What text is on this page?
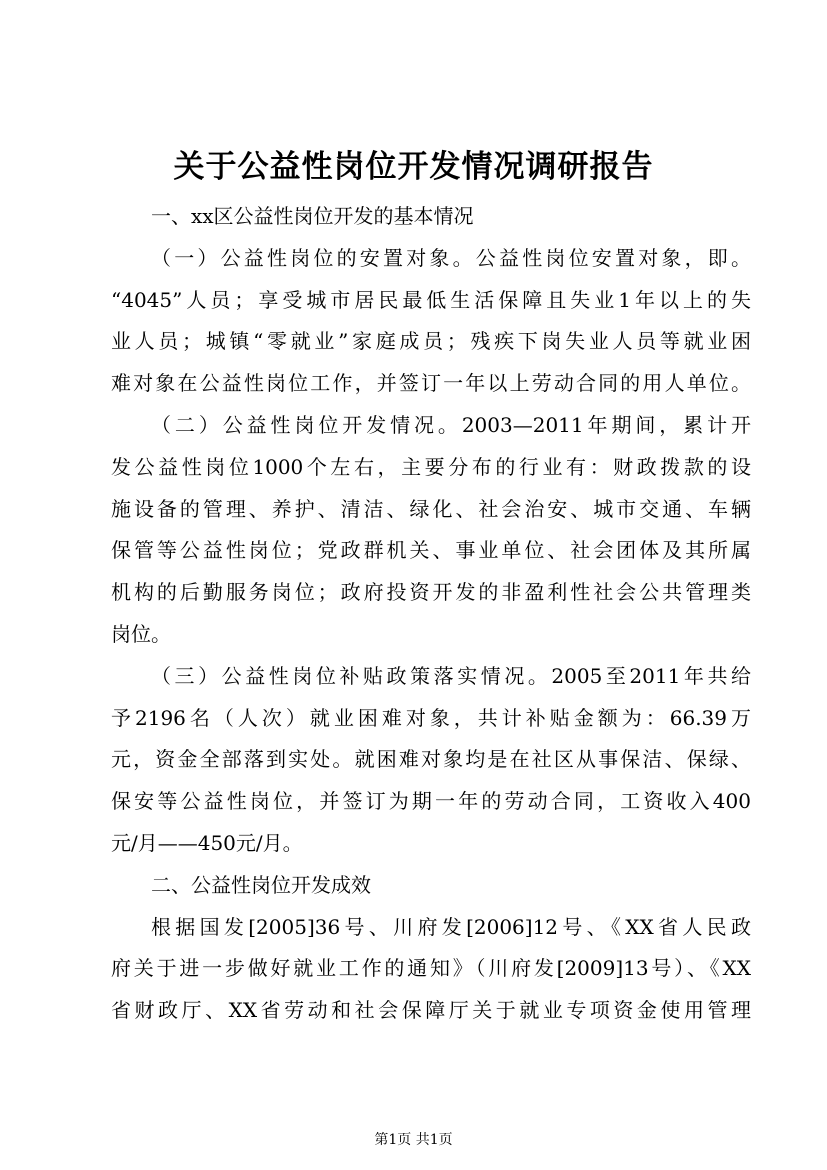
关于公益性岗位开发情况调研报告
一、xx区公益性岗位开发的基本情况
（一）公益性岗位的安置对象。公益性岗位安置对象，即。
“4045”人员；享受城市居民最低生活保障且失业1年以上的失
业人员；城镇“零就业”家庭成员；残疾下岗失业人员等就业困
难对象在公益性岗位工作，并签订一年以上劳动合同的用人单位。
（二）公益性岗位开发情况。2003—2011年期间，累计开
发公益性岗位1000个左右，主要分布的行业有：财政拨款的设
施设备的管理、养护、清洁、绿化、社会治安、城市交通、车辆
保管等公益性岗位；党政群机关、事业单位、社会团体及其所属
机构的后勤服务岗位；政府投资开发的非盈利性社会公共管理类
岗位。
（三）公益性岗位补贴政策落实情况。2005至2011年共给
予2196名（人次）就业困难对象，共计补贴金额为：66.39万
元，资金全部落到实处。就困难对象均是在社区从事保洁、保绿、
保安等公益性岗位，并签订为期一年的劳动合同，工资收入400
元/月——450元/月。
二、公益性岗位开发成效
根据国发[2005]36号、川府发[2006]12号、《XX省人民政
府关于进一步做好就业工作的通知》（川府发[2009]13号）、《XX
省财政厅、XX省劳动和社会保障厅关于就业专项资金使用管理
第1页 共1页
